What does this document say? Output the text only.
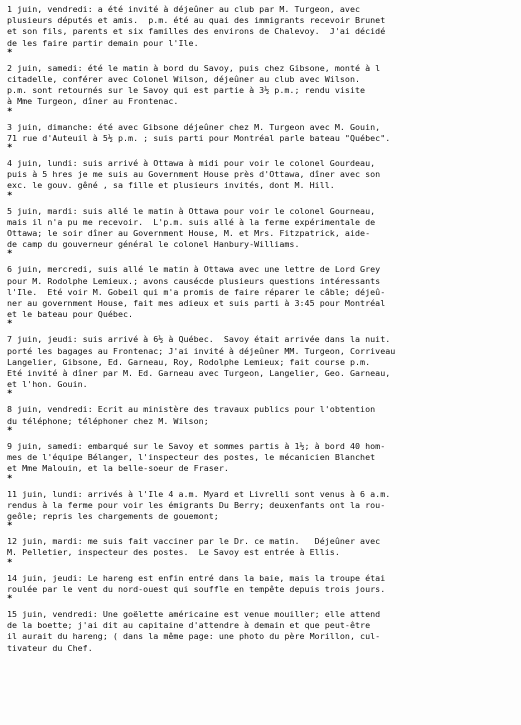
1 juin, vendredi: a été invité à déjeûner au club par M. Turgeon, avec
plusieurs députés et amis.  p.m. été au quai des immigrants recevoir Brunet
et son fils, parents et six familles des environs de Chalevoy.  J'ai décidé
de les faire partir demain pour l'Ile.
*
2 juin, samedi: été le matin à bord du Savoy, puis chez Gibsone, monté à l
citadelle, conférer avec Colonel Wilson, déjeûner au club avec Wilson.
p.m. sont retournés sur le Savoy qui est partie à 3½ p.m.; rendu visite
à Mme Turgeon, dîner au Frontenac.
*
3 juin, dimanche: été avec Gibsone déjeûner chez M. Turgeon avec M. Gouin,
71 rue d'Auteuil à 5½ p.m. ; suis parti pour Montréal parle bateau "Québec".
*
4 juin, lundi: suis arrivé à Ottawa à midi pour voir le colonel Gourdeau,
puis à 5 hres je me suis au Government House près d'Ottawa, dîner avec son
exc. le gouv. gêné , sa fille et plusieurs invités, dont M. Hill.
*
5 juin, mardi: suis allé le matin à Ottawa pour voir le colonel Gourneau,
mais il n'a pu me recevoir.  L'p.m. suis allé à la ferme expérimentale de
Ottawa; le soir dîner au Government House, M. et Mrs. Fitzpatrick, aide-
de camp du gouverneur général le colonel Hanbury-Williams.
*
6 juin, mercredi, suis allé le matin à Ottawa avec une lettre de Lord Grey
pour M. Rodolphe Lemieux.; avons causécde plusieurs questions intéressants
l'Ile.  Eté voir M. Gobeil qui m'a promis de faire réparer le câble; déjeû-
ner au government House, fait mes adieux et suis parti à 3:45 pour Montréal
et le bateau pour Québec.
*
7 juin, jeudi: suis arrivé à 6½ à Québec.  Savoy était arrivée dans la nuit.
porté les bagages au Frontenac; J'ai invité à déjeûner MM. Turgeon, Corriveau
Langelier, Gibsone, Ed. Garneau, Roy, Rodolphe Lemieux; fait course p.m.
Eté invité à dîner par M. Ed. Garneau avec Turgeon, Langelier, Geo. Garneau,
et l'hon. Gouin.
*
8 juin, vendredi: Ecrit au ministère des travaux publics pour l'obtention
du téléphone; téléphoner chez M. Wilson;
*
9 juin, samedi: embarqué sur le Savoy et sommes partis à 1½; à bord 40 hom-
mes de l'équipe Bélanger, l'inspecteur des postes, le mécanicien Blanchet
et Mme Malouin, et la belle-soeur de Fraser.
*
11 juin, lundi: arrivés à l'Ile 4 a.m. Myard et Livrelli sont venus à 6 a.m.
rendus à la ferme pour voir les émigrants Du Berry; deuxenfants ont la rou-
geôle; repris les chargements de gouemont;
*
12 juin, mardi: me suis fait vacciner par le Dr. ce matin.   Déjeûner avec
M. Pelletier, inspecteur des postes.  Le Savoy est entrée à Ellis.
*
14 juin, jeudi: Le hareng est enfin entré dans la baie, mais la troupe étai
roulée par le vent du nord-ouest qui souffle en tempête depuis trois jours.
*
15 juin, vendredi: Une goëlette américaine est venue mouiller; elle attend
de la boette; j'ai dit au capitaine d'attendre à demain et que peut-être
il aurait du hareng; ( dans la même page: une photo du père Morillon, cul-
tivateur du Chef.
